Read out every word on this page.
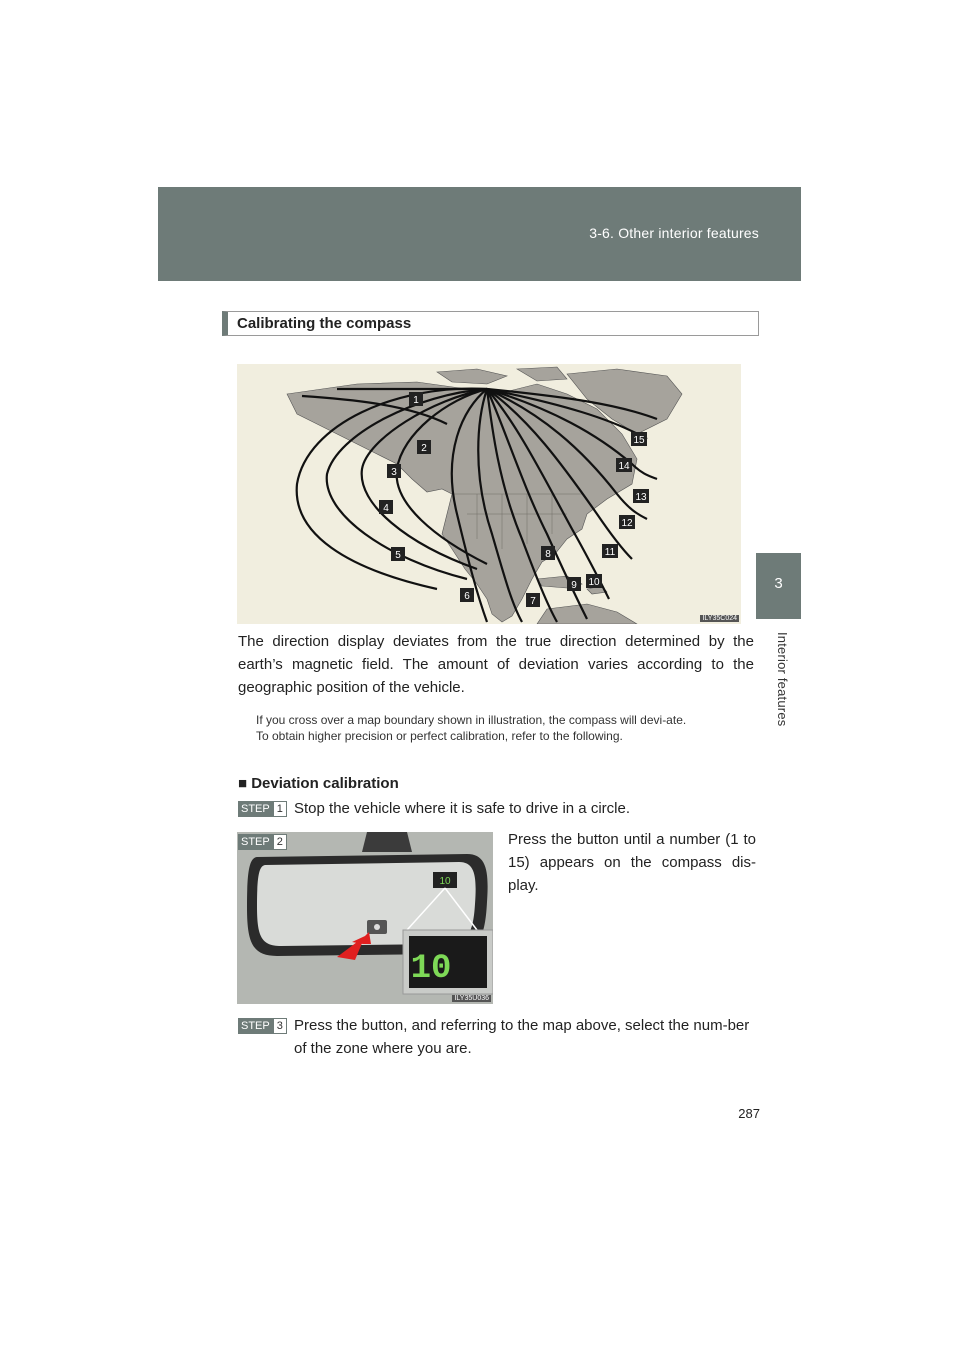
3-6. Other interior features
3
Interior features
Calibrating the compass
1
2
3
4
5
6	7
8
9 10
11
12
13
14
15
ILY35C024
The direction display deviates from the true direction determined by the earth’s magnetic field. The amount of deviation varies according to the geographic position of the vehicle.
If you cross over a map boundary shown in illustration, the compass will devi-ate.
To obtain higher precision or perfect calibration, refer to the following.
■ Deviation calibration
STEP 1 Stop the vehicle where it is safe to drive in a circle.
10
10
ILY35U036
STEP 2	Press the button until a number (1 to 15) appears on the compass dis-play.
STEP 3 Press the button, and referring to the map above, select the num-ber of the zone where you are.
287
